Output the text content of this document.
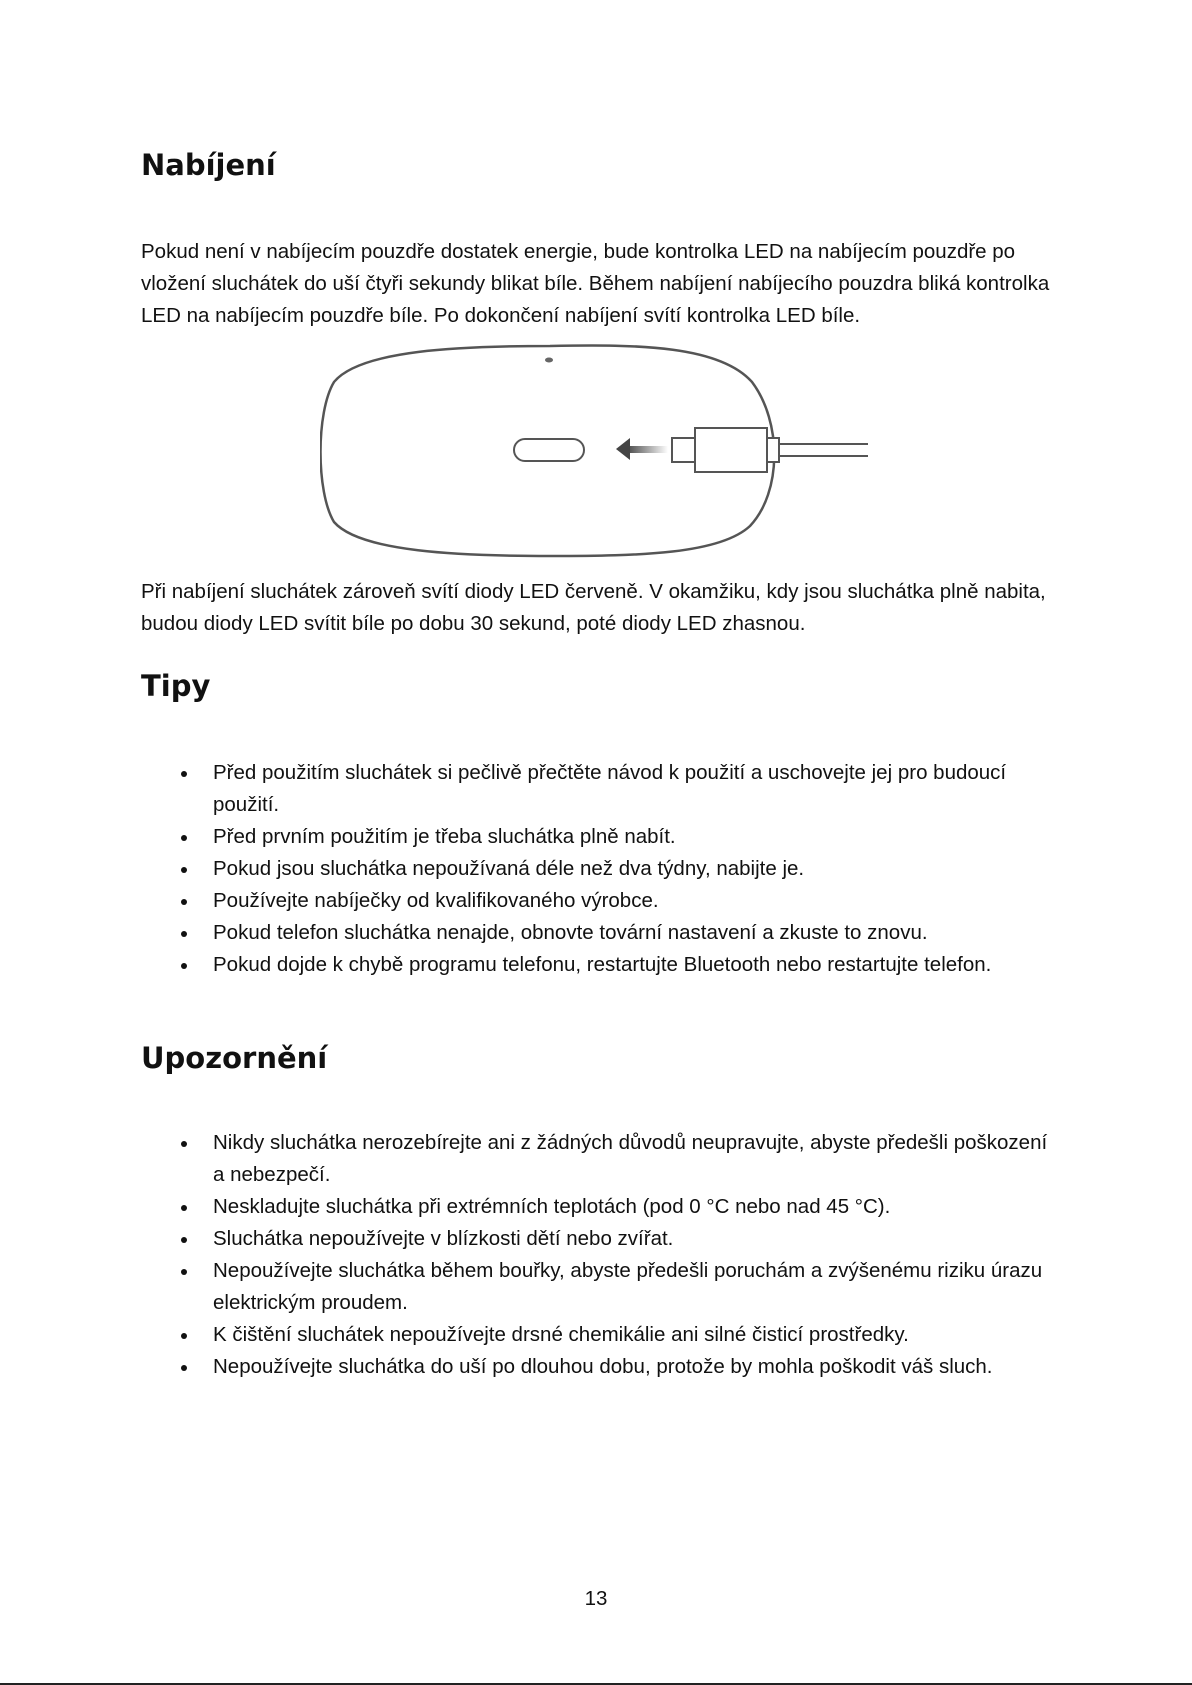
Nabíjení

Pokud není v nabíjecím pouzdře dostatek energie, bude kontrolka LED na nabíjecím pouzdře po vložení sluchátek do uší čtyři sekundy blikat bíle. Během nabíjení nabíjecího pouzdra bliká kontrolka LED na nabíjecím pouzdře bíle. Po dokončení nabíjení svítí kontrolka LED bíle.

Při nabíjení sluchátek zároveň svítí diody LED červeně. V okamžiku, kdy jsou sluchátka plně nabita, budou diody LED svítit bíle po dobu 30 sekund, poté diody LED zhasnou.

Tipy
Před použitím sluchátek si pečlivě přečtěte návod k použití a uschovejte jej pro budoucí použití.
Před prvním použitím je třeba sluchátka plně nabít.
Pokud jsou sluchátka nepoužívaná déle než dva týdny, nabijte je.
Používejte nabíječky od kvalifikovaného výrobce.
Pokud telefon sluchátka nenajde, obnovte tovární nastavení a zkuste to znovu.
Pokud dojde k chybě programu telefonu, restartujte Bluetooth nebo restartujte telefon.
Upozornění
Nikdy sluchátka nerozebírejte ani z žádných důvodů neupravujte, abyste předešli poškození a nebezpečí.
Neskladujte sluchátka při extrémních teplotách (pod 0 °C nebo nad 45 °C).
Sluchátka nepoužívejte v blízkosti dětí nebo zvířat.
Nepoužívejte sluchátka během bouřky, abyste předešli poruchám a zvýšenému riziku úrazu elektrickým proudem.
K čištění sluchátek nepoužívejte drsné chemikálie ani silné čisticí prostředky.
Nepoužívejte sluchátka do uší po dlouhou dobu, protože by mohla poškodit váš sluch.
13
